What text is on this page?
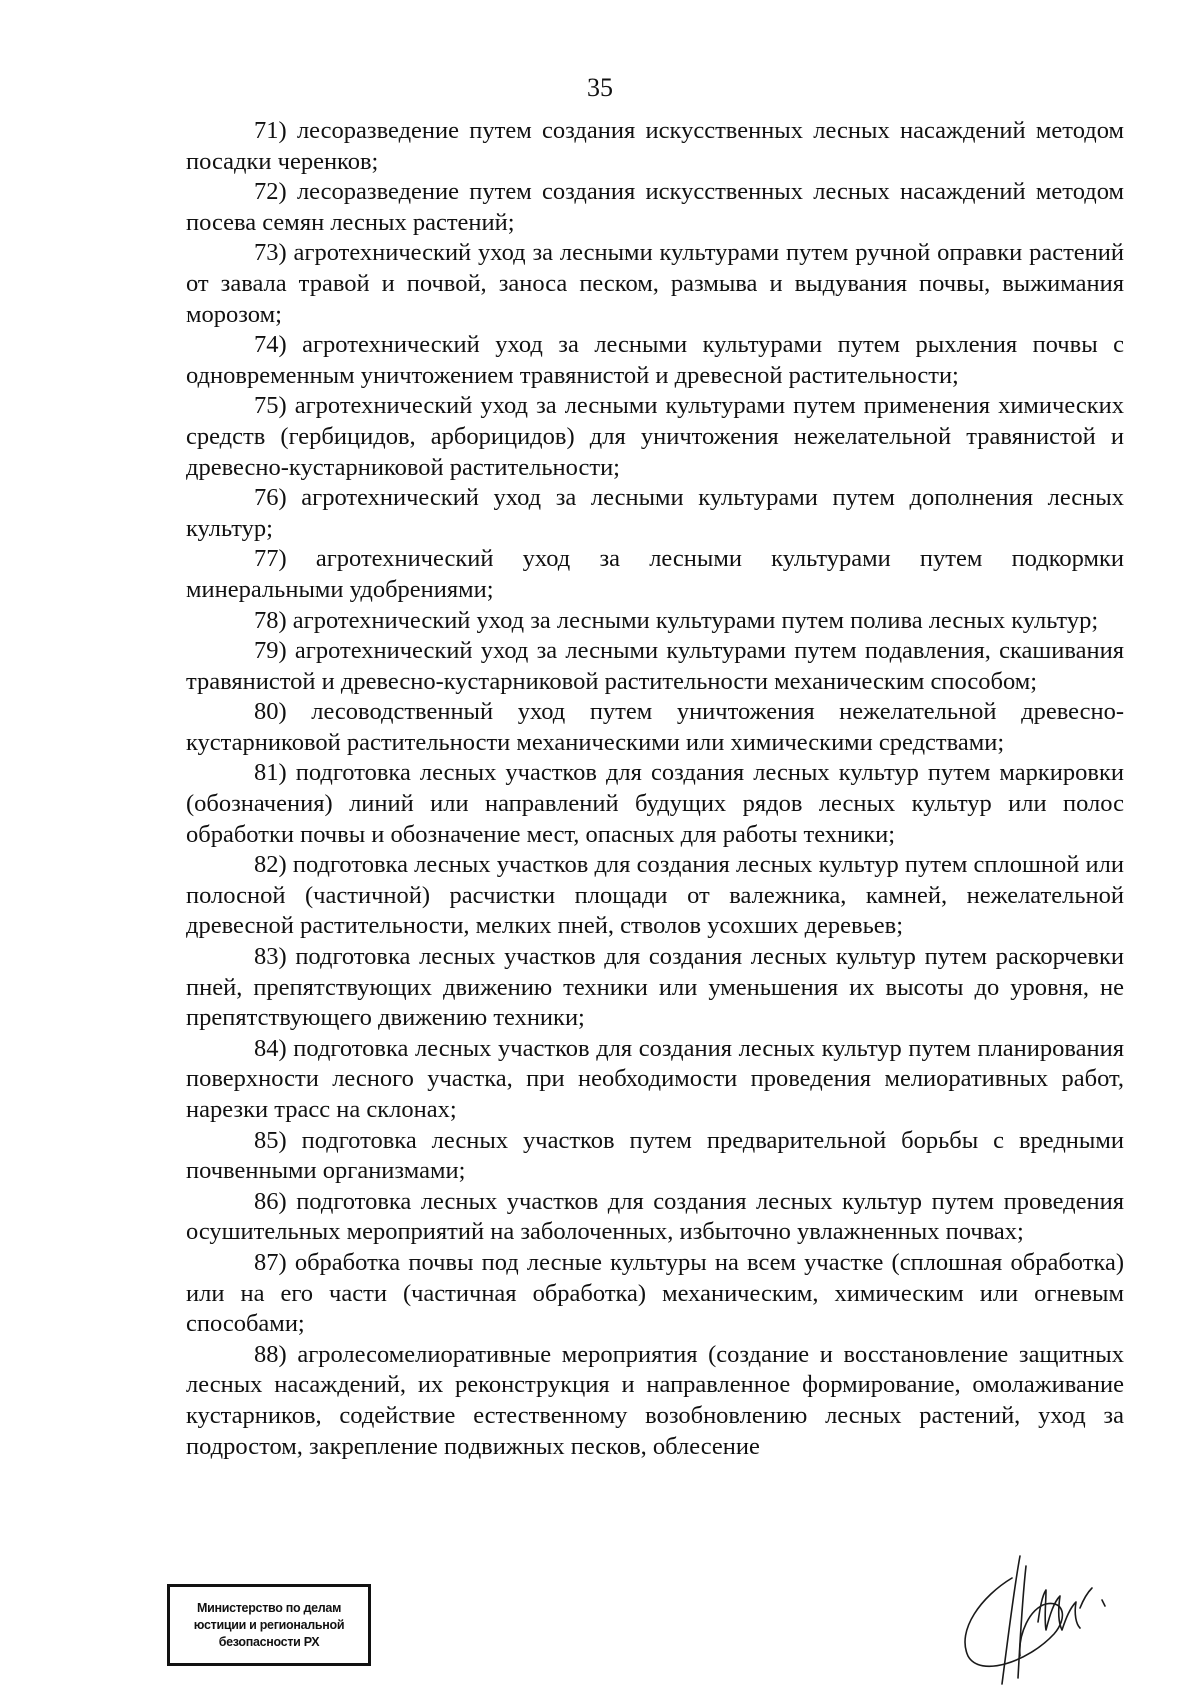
35

71) лесоразведение путем создания искусственных лесных насаждений методом посадки черенков;

72) лесоразведение путем создания искусственных лесных насаждений методом посева семян лесных растений;

73) агротехнический уход за лесными культурами путем ручной оправки растений от завала травой и почвой, заноса песком, размыва и выдувания почвы, выжимания морозом;

74) агротехнический уход за лесными культурами путем рыхления почвы с одновременным уничтожением травянистой и древесной растительности;

75) агротехнический уход за лесными культурами путем применения химических средств (гербицидов, арборицидов) для уничтожения нежелательной травянистой и древесно-кустарниковой растительности;

76) агротехнический уход за лесными культурами путем дополнения лесных культур;

77) агротехнический уход за лесными культурами путем подкормки минеральными удобрениями;

78) агротехнический уход за лесными культурами путем полива лесных культур;

79) агротехнический уход за лесными культурами путем подавления, скашивания травянистой и древесно-кустарниковой растительности механическим способом;

80) лесоводственный уход путем уничтожения нежелательной древесно-кустарниковой растительности механическими или химическими средствами;

81) подготовка лесных участков для создания лесных культур путем маркировки (обозначения) линий или направлений будущих рядов лесных культур или полос обработки почвы и обозначение мест, опасных для работы техники;

82) подготовка лесных участков для создания лесных культур путем сплошной или полосной (частичной) расчистки площади от валежника, камней, нежелательной древесной растительности, мелких пней, стволов усохших деревьев;

83) подготовка лесных участков для создания лесных культур путем раскорчевки пней, препятствующих движению техники или уменьшения их высоты до уровня, не препятствующего движению техники;

84) подготовка лесных участков для создания лесных культур путем планирования поверхности лесного участка, при необходимости проведения мелиоративных работ, нарезки трасс на склонах;

85) подготовка лесных участков путем предварительной борьбы с вредными почвенными организмами;

86) подготовка лесных участков для создания лесных культур путем проведения осушительных мероприятий на заболоченных, избыточно увлажненных почвах;

87) обработка почвы под лесные культуры на всем участке (сплошная обработка) или на его части (частичная обработка) механическим, химическим или огневым способами;

88) агролесомелиоративные мероприятия (создание и восстановление защитных лесных насаждений, их реконструкция и направленное формирование, омолаживание кустарников, содействие естественному возобновлению лесных растений, уход за подростом, закрепление подвижных песков, облесение

Министерство по делам
юстиции и региональной
безопасности РХ
